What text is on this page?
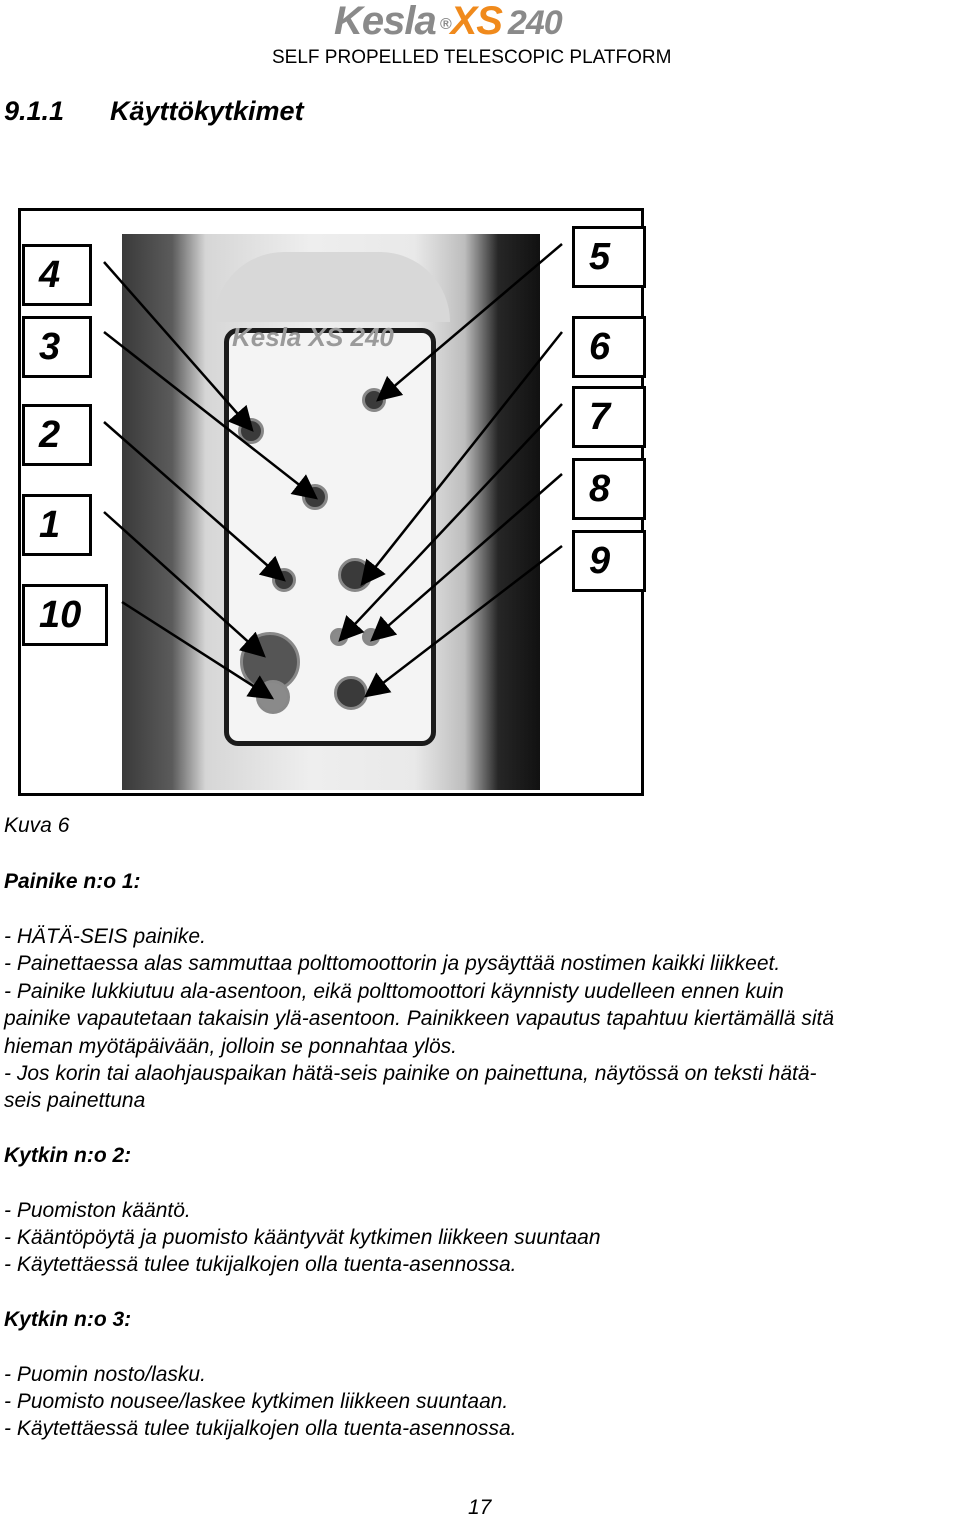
Kesla ®XS 240
SELF PROPELLED TELESCOPIC PLATFORM
9.1.1 Käyttökytkimet
Kesla XS 240
4
3
2
1
10
5
6
7
8
9
Kuva 6
Painike n:o 1:
- HÄTÄ-SEIS painike.
- Painettaessa alas sammuttaa polttomoottorin ja pysäyttää nostimen kaikki liikkeet.
- Painike lukkiutuu ala-asentoon, eikä polttomoottori käynnisty uudelleen ennen kuin
painike vapautetaan takaisin ylä-asentoon. Painikkeen vapautus tapahtuu kiertämällä sitä
hieman myötäpäivään, jolloin se ponnahtaa ylös.
- Jos korin tai alaohjauspaikan hätä-seis painike on painettuna, näytössä on teksti hätä-
seis painettuna
Kytkin n:o 2:
- Puomiston kääntö.
- Kääntöpöytä ja puomisto kääntyvät kytkimen liikkeen suuntaan
- Käytettäessä tulee tukijalkojen olla tuenta-asennossa.
Kytkin n:o 3:
- Puomin nosto/lasku.
- Puomisto nousee/laskee kytkimen liikkeen suuntaan.
- Käytettäessä tulee tukijalkojen olla tuenta-asennossa.
17
